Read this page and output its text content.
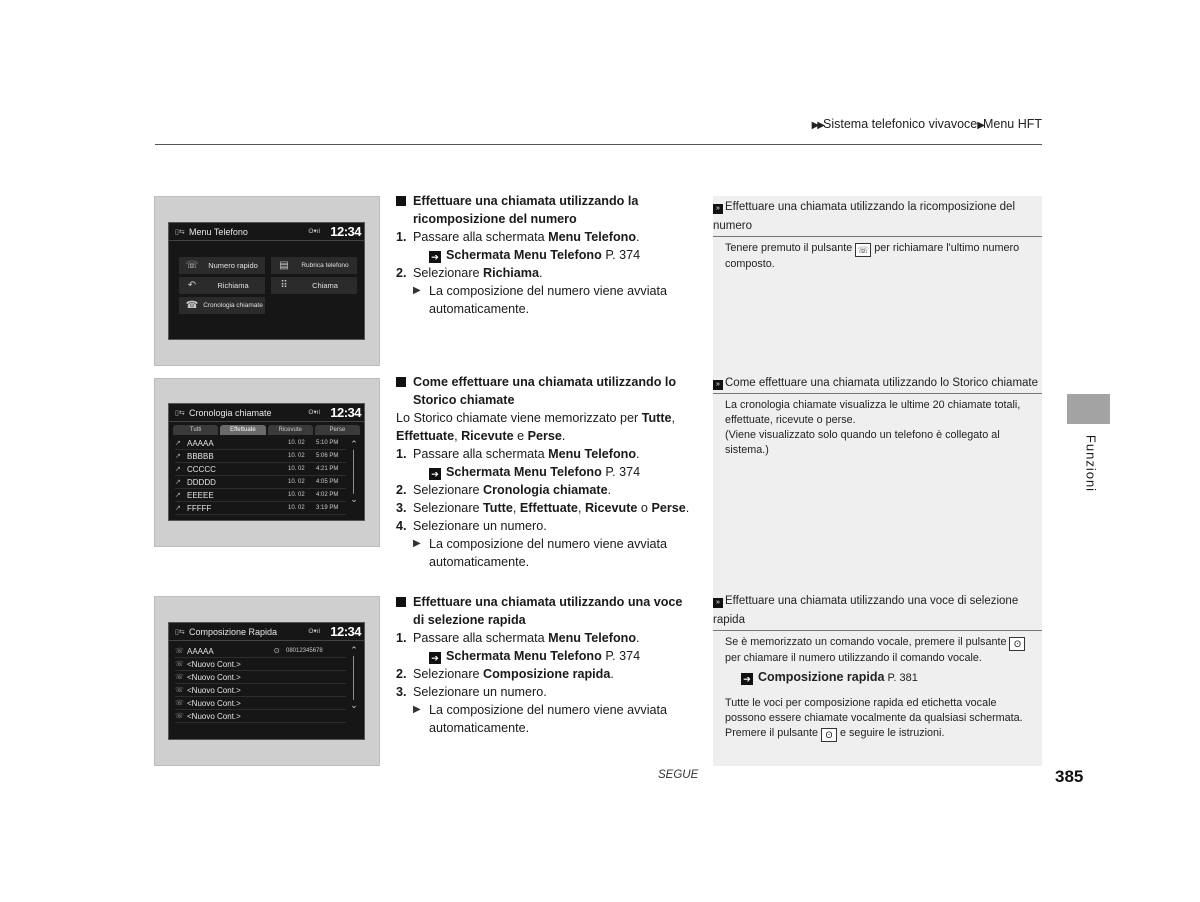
▶▶Sistema telefonico vivavoce▶Menu HFT
▯⇆ Menu Telefono	ʘ▾ıl 12:34
☏	Numero rapido	▤	Rubrica telefono
↶	Richiama	⠿	Chiama
☎ Cronologia chiamate
▯⇆ Cronologia chiamate	ʘ▾ıl 12:34
Tutti	Effettuate	Ricevute	Perse
↗ AAAAA	10. 02	5:10 PM
↗ BBBBB	10. 02	5:06 PM
↗ CCCCC	10. 02	4:21 PM
↗ DDDDD	10. 02	4:05 PM
↗ EEEEE	10. 02	4:02 PM
↗ FFFFF	10. 02	3:19 PM
⌃
│
│
│
│
⌄
▯⇆ Composizione Rapida	ʘ▾ıl 12:34
☏ AAAAA	ʘ	08012345678
☏ <Nuovo Cont.>
☏ <Nuovo Cont.>
☏ <Nuovo Cont.>
☏ <Nuovo Cont.>
☏ <Nuovo Cont.>
⌃
│
│
│
│
⌄
Effettuare una chiamata utilizzando la ricomposizione del numero
1. Passare alla schermata Menu Telefono.
➔ Schermata Menu Telefono P. 374
2. Selezionare Richiama.
▶ La composizione del numero viene avviata automaticamente.
Come effettuare una chiamata utilizzando lo Storico chiamate
Lo Storico chiamate viene memorizzato per Tutte, Effettuate, Ricevute e Perse.
1. Passare alla schermata Menu Telefono.
➔ Schermata Menu Telefono P. 374
2. Selezionare Cronologia chiamate.
3. Selezionare Tutte, Effettuate, Ricevute o Perse.
4. Selezionare un numero.
▶ La composizione del numero viene avviata automaticamente.
Effettuare una chiamata utilizzando una voce di selezione rapida
1. Passare alla schermata Menu Telefono.
➔ Schermata Menu Telefono P. 374
2. Selezionare Composizione rapida.
3. Selezionare un numero.
▶ La composizione del numero viene avviata automaticamente.
» Effettuare una chiamata utilizzando la ricomposizione del numero
Tenere premuto il pulsante ☏ per richiamare l'ultimo numero composto.
» Come effettuare una chiamata utilizzando lo Storico chiamate
La cronologia chiamate visualizza le ultime 20 chiamate totali, effettuate, ricevute o perse.
(Viene visualizzato solo quando un telefono è collegato al sistema.)
» Effettuare una chiamata utilizzando una voce di selezione rapida
Se è memorizzato un comando vocale, premere il pulsante ʘ per chiamare il numero utilizzando il comando vocale.
➔ Composizione rapida P. 381
Tutte le voci per composizione rapida ed etichetta vocale possono essere chiamate vocalmente da qualsiasi schermata. Premere il pulsante ʘ e seguire le istruzioni.
Funzioni
SEGUE	385
